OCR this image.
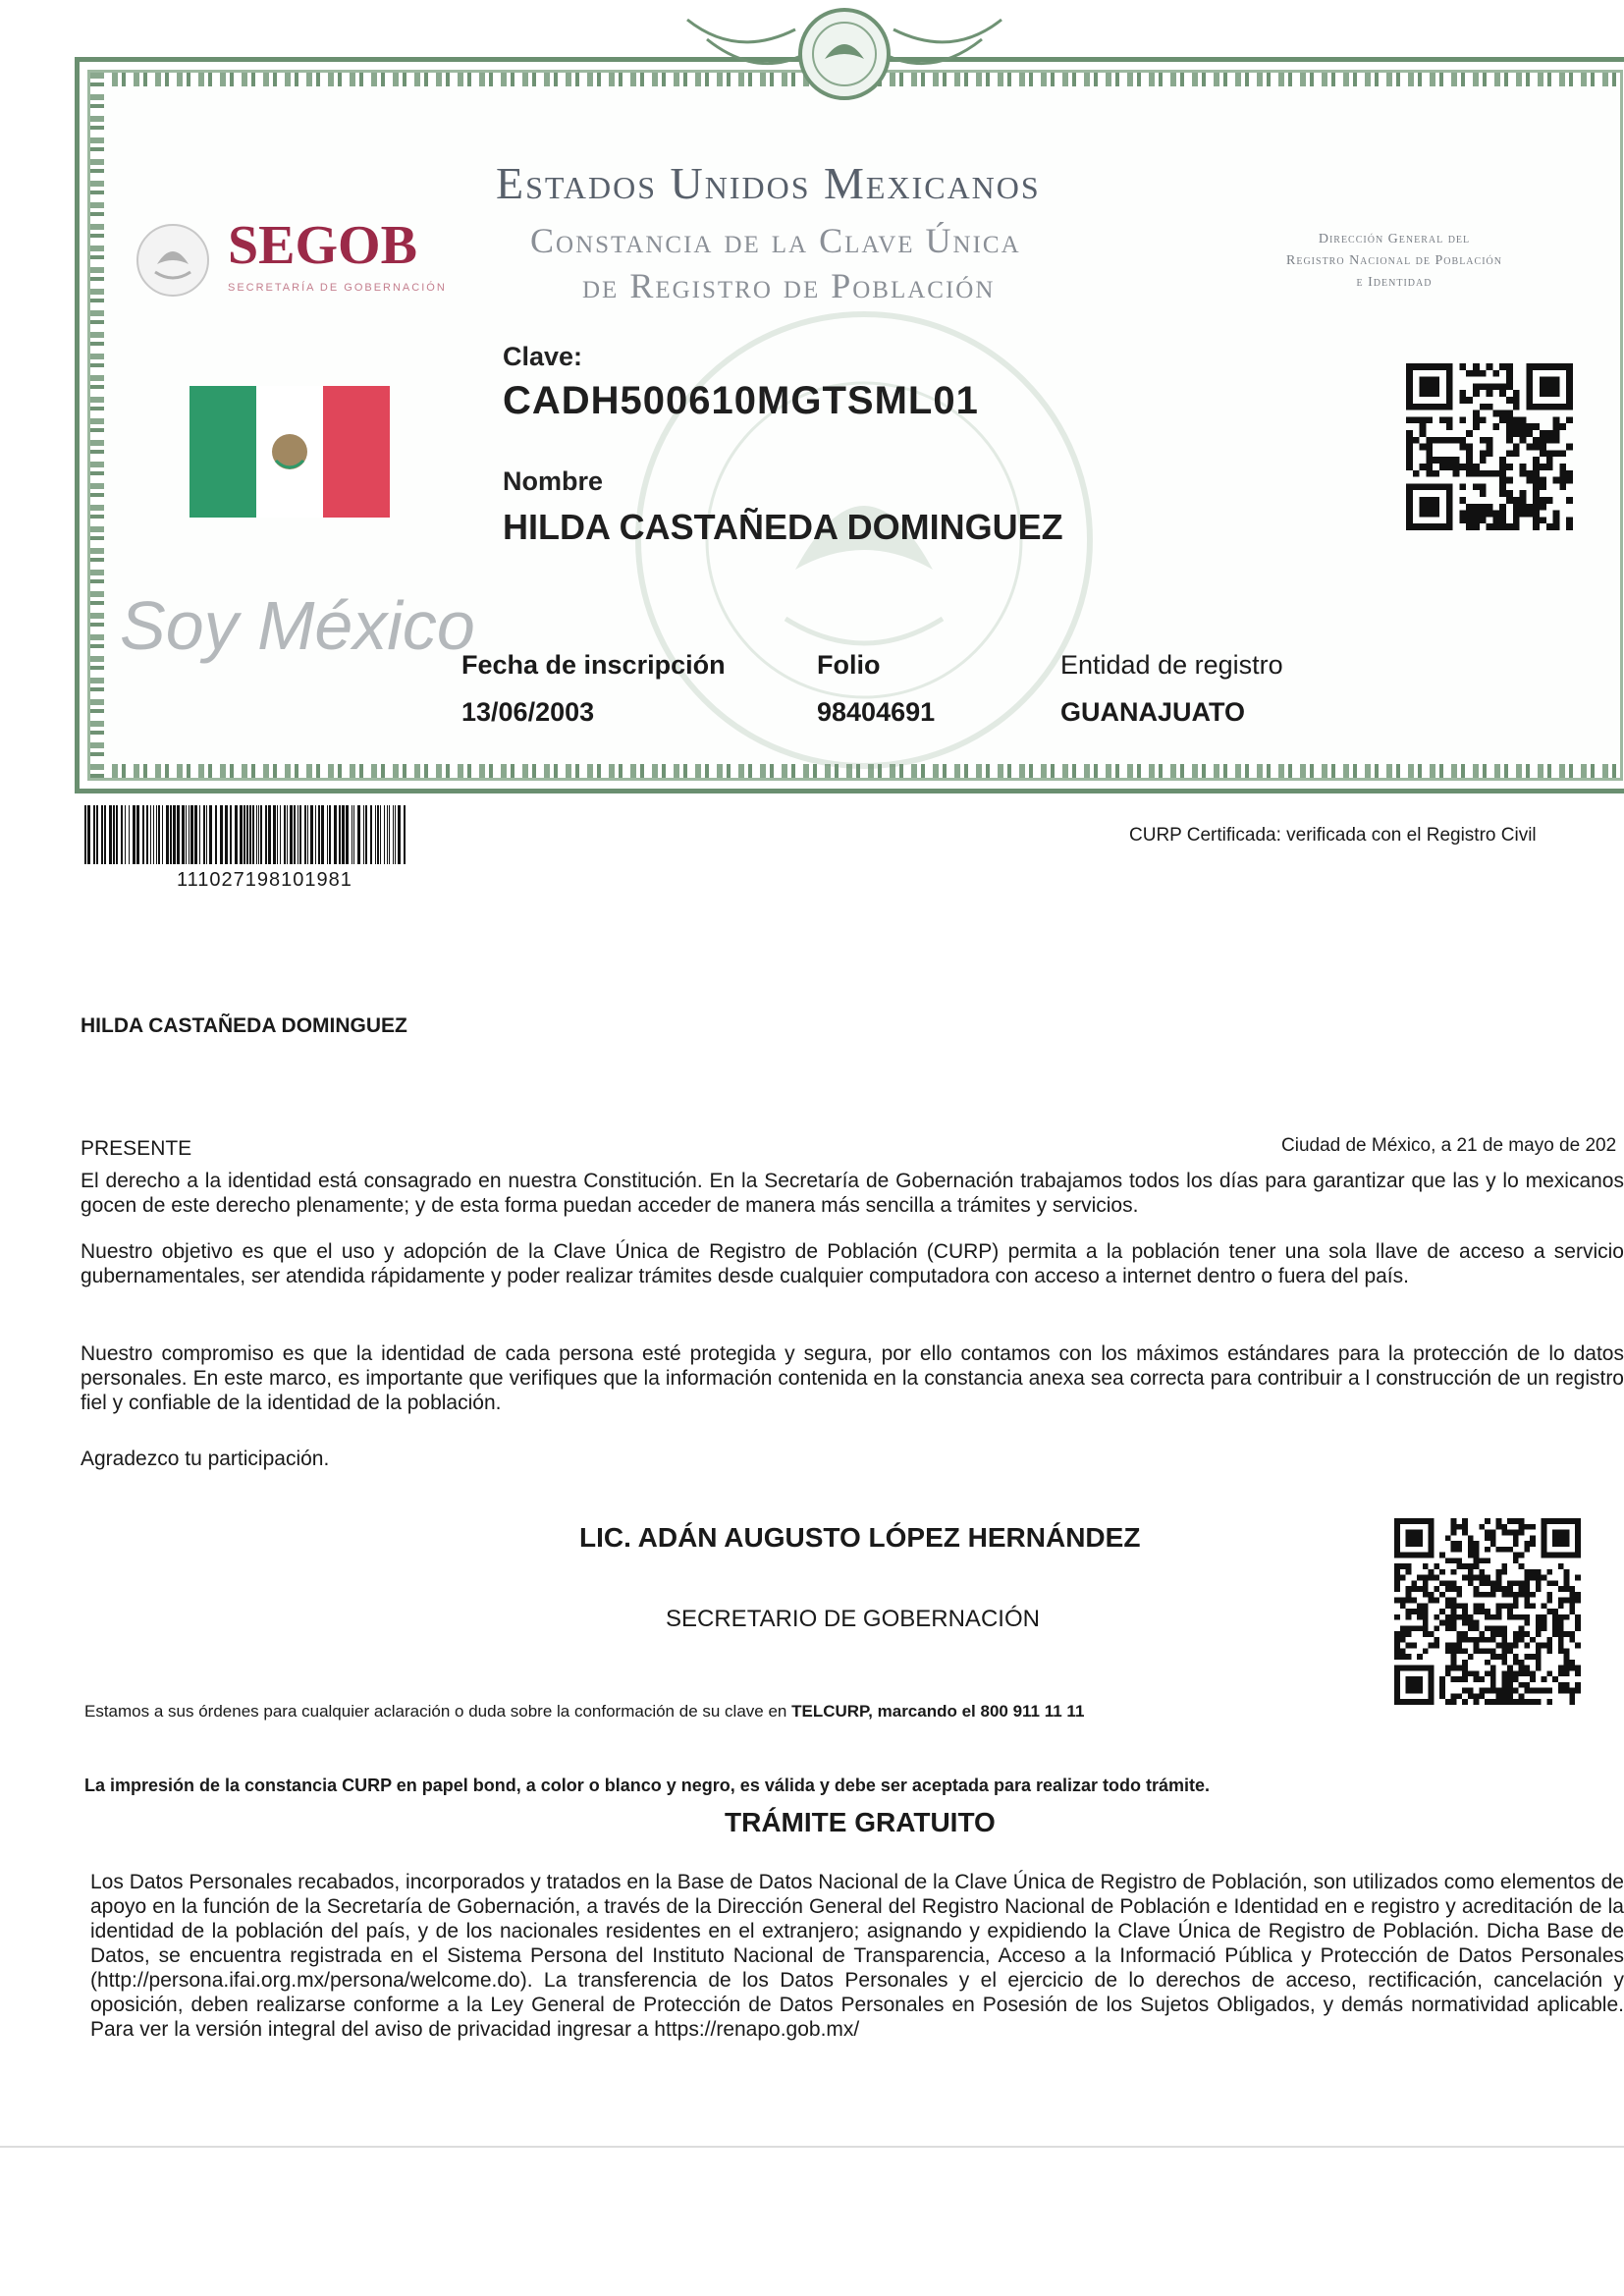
Estados Unidos Mexicanos
Constancia de la Clave Única
de Registro de Población
SEGOB
SECRETARÍA DE GOBERNACIÓN
Dirección General del
Registro Nacional de Población
e Identidad
Soy México
Clave:
CADH500610MGTSML01
Nombre
HILDA CASTAÑEDA DOMINGUEZ
Fecha de inscripción
13/06/2003
Folio
98404691
Entidad de registro
GUANAJUATO
111027198101981
CURP Certificada: verificada con el Registro Civil
HILDA CASTAÑEDA DOMINGUEZ
PRESENTE	Ciudad de México, a 21 de mayo de 202
El derecho a la identidad está consagrado en nuestra Constitución. En la Secretaría de Gobernación trabajamos todos los días para garantizar que las y lo mexicanos gocen de este derecho plenamente; y de esta forma puedan acceder de manera más sencilla a trámites y servicios.
Nuestro objetivo es que el uso y adopción de la Clave Única de Registro de Población (CURP) permita a la población tener una sola llave de acceso a servicio gubernamentales, ser atendida rápidamente y poder realizar trámites desde cualquier computadora con acceso a internet dentro o fuera del país.
Nuestro compromiso es que la identidad de cada persona esté protegida y segura, por ello contamos con los máximos estándares para la protección de lo datos personales. En este marco, es importante que verifiques que la información contenida en la constancia anexa sea correcta para contribuir a l construcción de un registro fiel y confiable de la identidad de la población.
Agradezco tu participación.
LIC. ADÁN AUGUSTO LÓPEZ HERNÁNDEZ
SECRETARIO DE GOBERNACIÓN
Estamos a sus órdenes para cualquier aclaración o duda sobre la conformación de su clave en TELCURP, marcando el 800 911 11 11
La impresión de la constancia CURP en papel bond, a color o blanco y negro, es válida y debe ser aceptada para realizar todo trámite.
TRÁMITE GRATUITO
Los Datos Personales recabados, incorporados y tratados en la Base de Datos Nacional de la Clave Única de Registro de Población, son utilizados como elementos de apoyo en la función de la Secretaría de Gobernación, a través de la Dirección General del Registro Nacional de Población e Identidad en e registro y acreditación de la identidad de la población del país, y de los nacionales residentes en el extranjero; asignando y expidiendo la Clave Única de Registro de Población. Dicha Base de Datos, se encuentra registrada en el Sistema Persona del Instituto Nacional de Transparencia, Acceso a la Informació Pública y Protección de Datos Personales (http://persona.ifai.org.mx/persona/welcome.do). La transferencia de los Datos Personales y el ejercicio de lo derechos de acceso, rectificación, cancelación y oposición, deben realizarse conforme a la Ley General de Protección de Datos Personales en Posesión de los Sujetos Obligados, y demás normatividad aplicable. Para ver la versión integral del aviso de privacidad ingresar a https://renapo.gob.mx/
